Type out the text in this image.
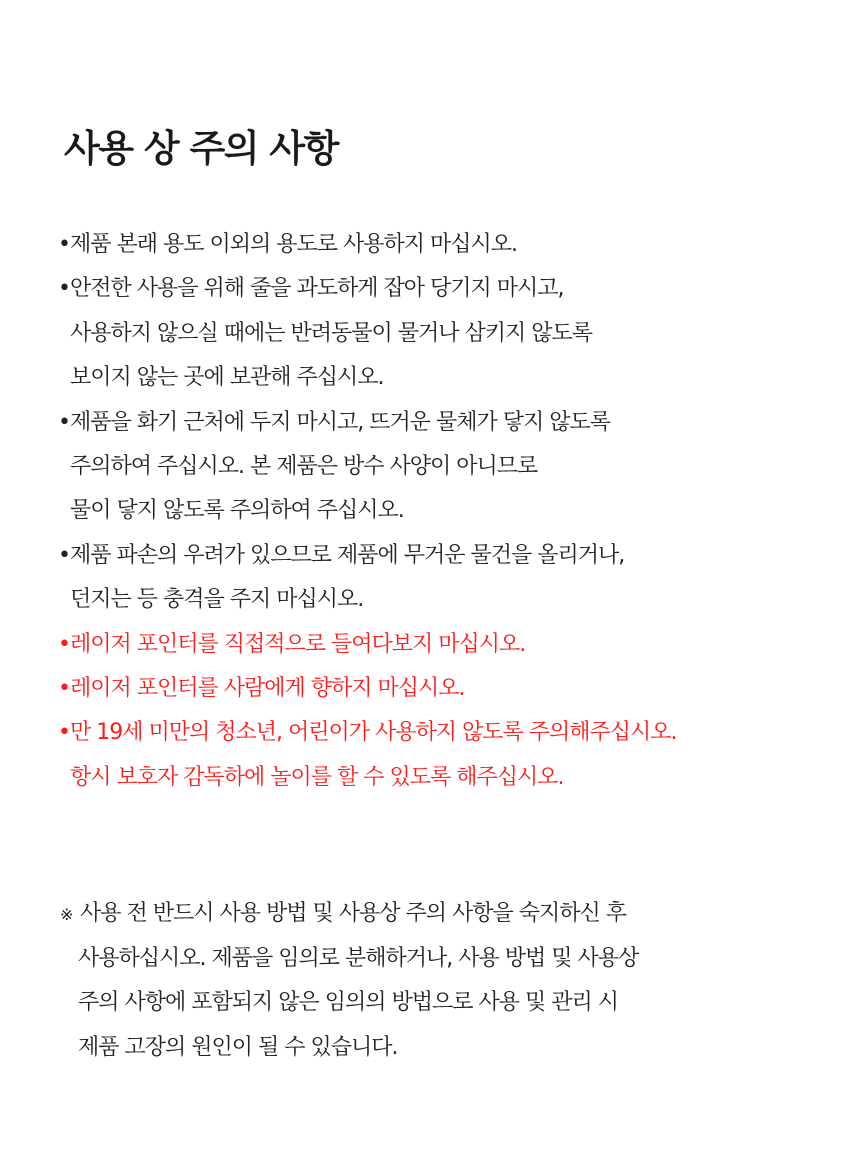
사용 상 주의 사항
•제품 본래 용도 이외의 용도로 사용하지 마십시오.
•안전한 사용을 위해 줄을 과도하게 잡아 당기지 마시고,
사용하지 않으실 때에는 반려동물이 물거나 삼키지 않도록
보이지 않는 곳에 보관해 주십시오.
•제품을 화기 근처에 두지 마시고, 뜨거운 물체가 닿지 않도록
주의하여 주십시오. 본 제품은 방수 사양이 아니므로
물이 닿지 않도록 주의하여 주십시오.
•제품 파손의 우려가 있으므로 제품에 무거운 물건을 올리거나,
던지는 등 충격을 주지 마십시오.
•레이저 포인터를 직접적으로 들여다보지 마십시오.
•레이저 포인터를 사람에게 향하지 마십시오.
•만 19세 미만의 청소년, 어린이가 사용하지 않도록 주의해주십시오.
항시 보호자 감독하에 놀이를 할 수 있도록 해주십시오.
※ 사용 전 반드시 사용 방법 및 사용상 주의 사항을 숙지하신 후
사용하십시오. 제품을 임의로 분해하거나, 사용 방법 및 사용상
주의 사항에 포함되지 않은 임의의 방법으로 사용 및 관리 시
제품 고장의 원인이 될 수 있습니다.
